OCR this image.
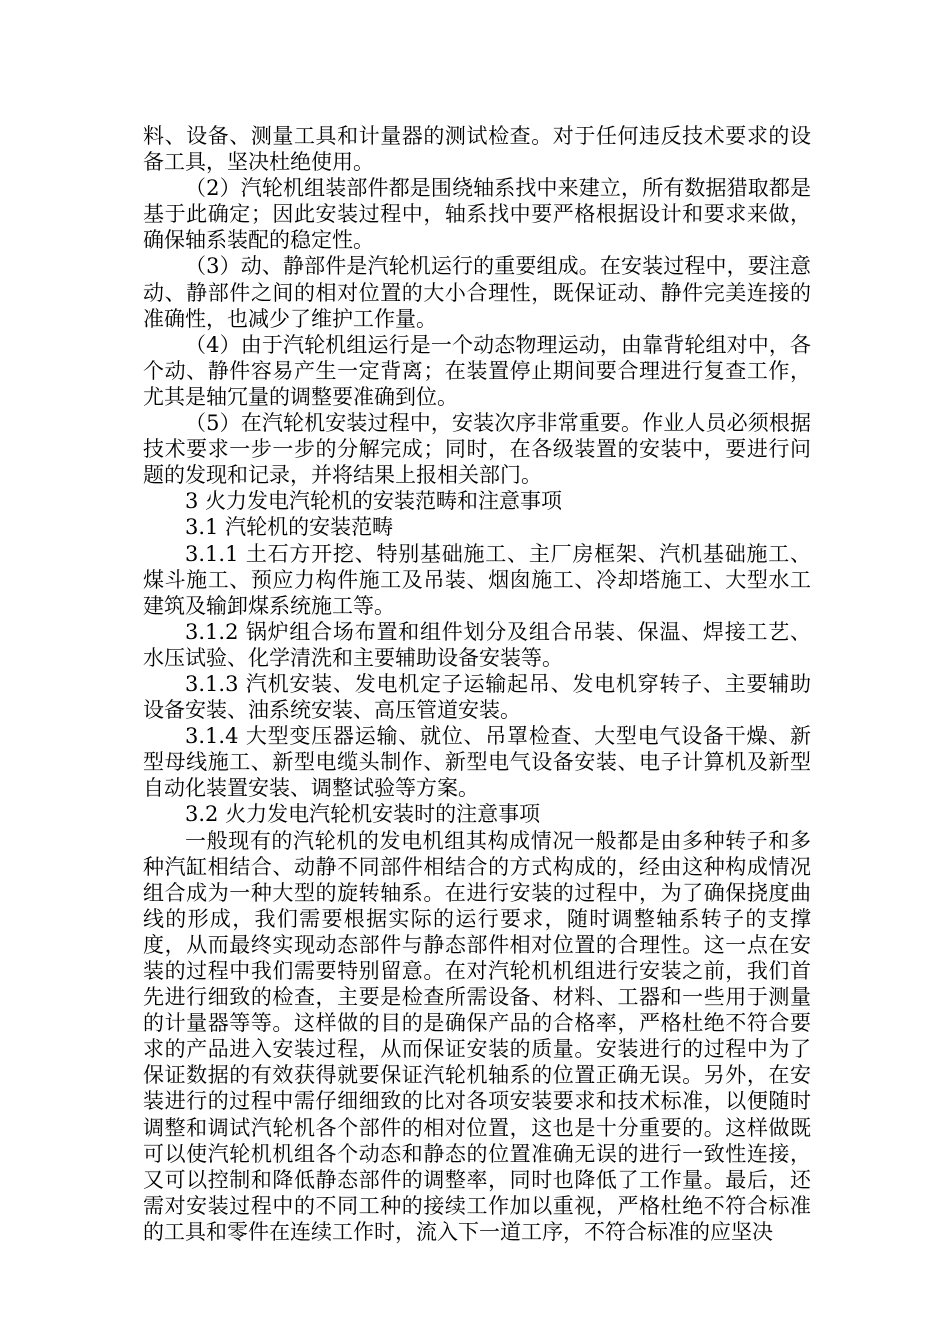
料、设备、测量工具和计量器的测试检查。对于任何违反技术要求的设备工具，坚决杜绝使用。

（2）汽轮机组装部件都是围绕轴系找中来建立，所有数据猎取都是基于此确定；因此安装过程中，轴系找中要严格根据设计和要求来做，确保轴系装配的稳定性。

（3）动、静部件是汽轮机运行的重要组成。在安装过程中，要注意动、静部件之间的相对位置的大小合理性，既保证动、静件完美连接的准确性，也减少了维护工作量。

（4）由于汽轮机组运行是一个动态物理运动，由靠背轮组对中，各个动、静件容易产生一定背离；在装置停止期间要合理进行复查工作，尤其是轴冗量的调整要准确到位。

（5）在汽轮机安装过程中，安装次序非常重要。作业人员必须根据技术要求一步一步的分解完成；同时，在各级装置的安装中，要进行问题的发现和记录，并将结果上报相关部门。

3 火力发电汽轮机的安装范畴和注意事项

3.1 汽轮机的安装范畴

3.1.1 土石方开挖、特别基础施工、主厂房框架、汽机基础施工、煤斗施工、预应力构件施工及吊装、烟囱施工、冷却塔施工、大型水工建筑及输卸煤系统施工等。

3.1.2 锅炉组合场布置和组件划分及组合吊装、保温、焊接工艺、水压试验、化学清洗和主要辅助设备安装等。

3.1.3 汽机安装、发电机定子运输起吊、发电机穿转子、主要辅助设备安装、油系统安装、高压管道安装。

3.1.4 大型变压器运输、就位、吊罩检查、大型电气设备干燥、新型母线施工、新型电缆头制作、新型电气设备安装、电子计算机及新型自动化装置安装、调整试验等方案。

3.2 火力发电汽轮机安装时的注意事项

一般现有的汽轮机的发电机组其构成情况一般都是由多种转子和多种汽缸相结合、动静不同部件相结合的方式构成的，经由这种构成情况组合成为一种大型的旋转轴系。在进行安装的过程中，为了确保挠度曲线的形成，我们需要根据实际的运行要求，随时调整轴系转子的支撑度，从而最终实现动态部件与静态部件相对位置的合理性。这一点在安装的过程中我们需要特别留意。在对汽轮机机组进行安装之前，我们首先进行细致的检查，主要是检查所需设备、材料、工器和一些用于测量的计量器等等。这样做的目的是确保产品的合格率，严格杜绝不符合要求的产品进入安装过程，从而保证安装的质量。安装进行的过程中为了保证数据的有效获得就要保证汽轮机轴系的位置正确无误。另外，在安装进行的过程中需仔细细致的比对各项安装要求和技术标准，以便随时调整和调试汽轮机各个部件的相对位置，这也是十分重要的。这样做既可以使汽轮机机组各个动态和静态的位置准确无误的进行一致性连接，又可以控制和降低静态部件的调整率，同时也降低了工作量。最后，还需对安装过程中的不同工种的接续工作加以重视，严格杜绝不符合标准的工具和零件在连续工作时，流入下一道工序，不符合标准的应坚决
